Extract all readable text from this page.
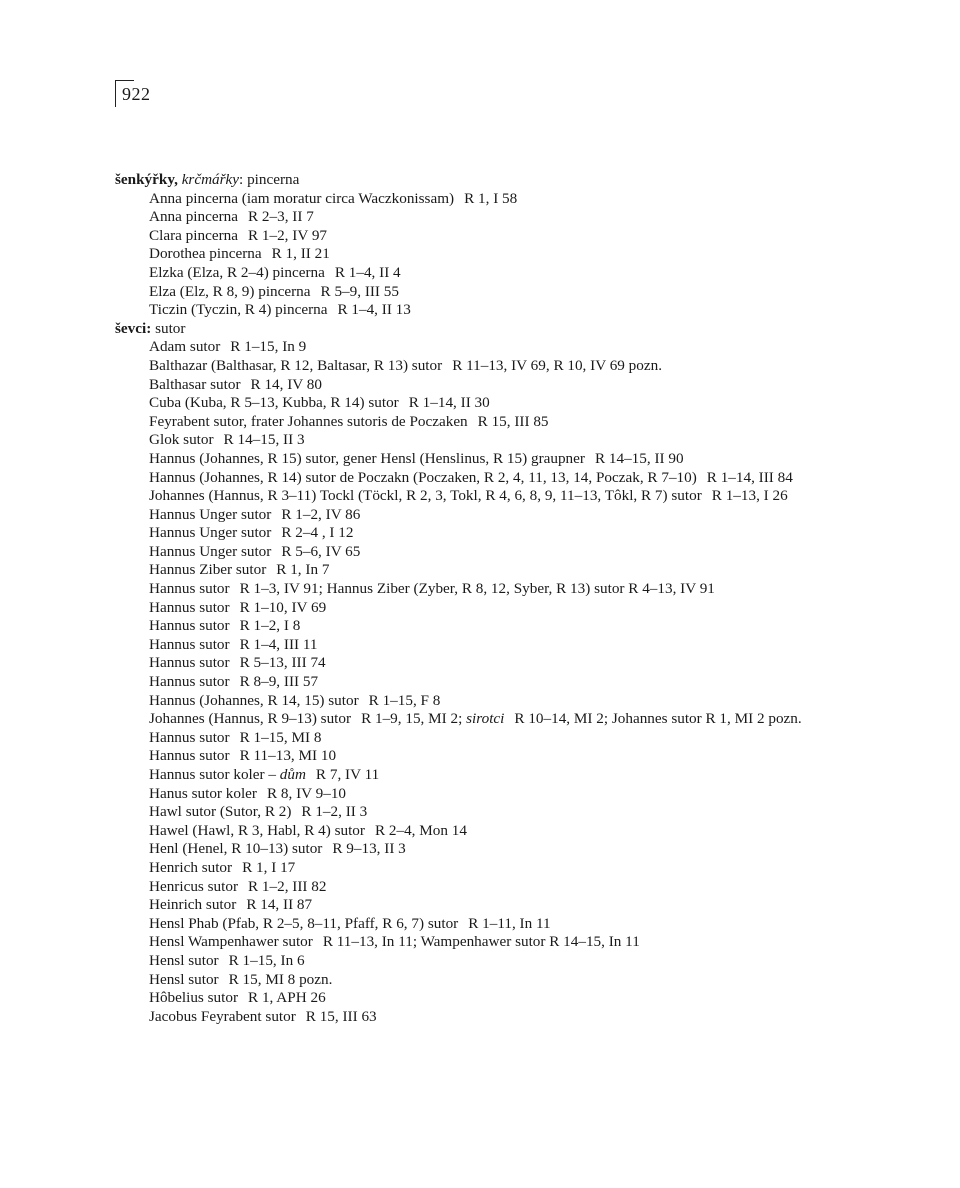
922
šenkýřky, krčmářky: pincerna
Anna pincerna (iam moratur circa Waczkonissam) R 1, I 58
Anna pincerna R 2–3, II 7
Clara pincerna R 1–2, IV 97
Dorothea pincerna R 1, II 21
Elzka (Elza, R 2–4) pincerna R 1–4, II 4
Elza (Elz, R 8, 9) pincerna R 5–9, III 55
Ticzin (Tyczin, R 4) pincerna R 1–4, II 13
ševci: sutor
Adam sutor R 1–15, In 9
Balthazar (Balthasar, R 12, Baltasar, R 13) sutor R 11–13, IV 69, R 10, IV 69 pozn.
Balthasar sutor R 14, IV 80
Cuba (Kuba, R 5–13, Kubba, R 14) sutor R 1–14, II 30
Feyrabent sutor, frater Johannes sutoris de Poczaken R 15, III 85
Glok sutor R 14–15, II 3
Hannus (Johannes, R 15) sutor, gener Hensl (Henslinus, R 15) graupner R 14–15, II 90
Hannus (Johannes, R 14) sutor de Poczakn (Poczaken, R 2, 4, 11, 13, 14, Poczak, R 7–10) R 1–14, III 84
Johannes (Hannus, R 3–11) Tockl (Töckl, R 2, 3, Tokl, R 4, 6, 8, 9, 11–13, Tôkl, R 7) sutor R 1–13, I 26
Hannus Unger sutor R 1–2, IV 86
Hannus Unger sutor R 2–4 , I 12
Hannus Unger sutor R 5–6, IV 65
Hannus Ziber sutor R 1, In 7
Hannus sutor R 1–3, IV 91; Hannus Ziber (Zyber, R 8, 12, Syber, R 13) sutor R 4–13, IV 91
Hannus sutor R 1–10, IV 69
Hannus sutor R 1–2, I 8
Hannus sutor R 1–4, III 11
Hannus sutor R 5–13, III 74
Hannus sutor R 8–9, III 57
Hannus (Johannes, R 14, 15) sutor R 1–15, F 8
Johannes (Hannus, R 9–13) sutor R 1–9, 15, MI 2; sirotci R 10–14, MI 2; Johannes sutor R 1, MI 2 pozn.
Hannus sutor R 1–15, MI 8
Hannus sutor R 11–13, MI 10
Hannus sutor koler – dům R 7, IV 11
Hanus sutor koler R 8, IV 9–10
Hawl sutor (Sutor, R 2) R 1–2, II 3
Hawel (Hawl, R 3, Habl, R 4) sutor R 2–4, Mon 14
Henl (Henel, R 10–13) sutor R 9–13, II 3
Henrich sutor R 1, I 17
Henricus sutor R 1–2, III 82
Heinrich sutor R 14, II 87
Hensl Phab (Pfab, R 2–5, 8–11, Pfaff, R 6, 7) sutor R 1–11, In 11
Hensl Wampenhawer sutor R 11–13, In 11; Wampenhawer sutor R 14–15, In 11
Hensl sutor R 1–15, In 6
Hensl sutor R 15, MI 8 pozn.
Hôbelius sutor R 1, APH 26
Jacobus Feyrabent sutor R 15, III 63
